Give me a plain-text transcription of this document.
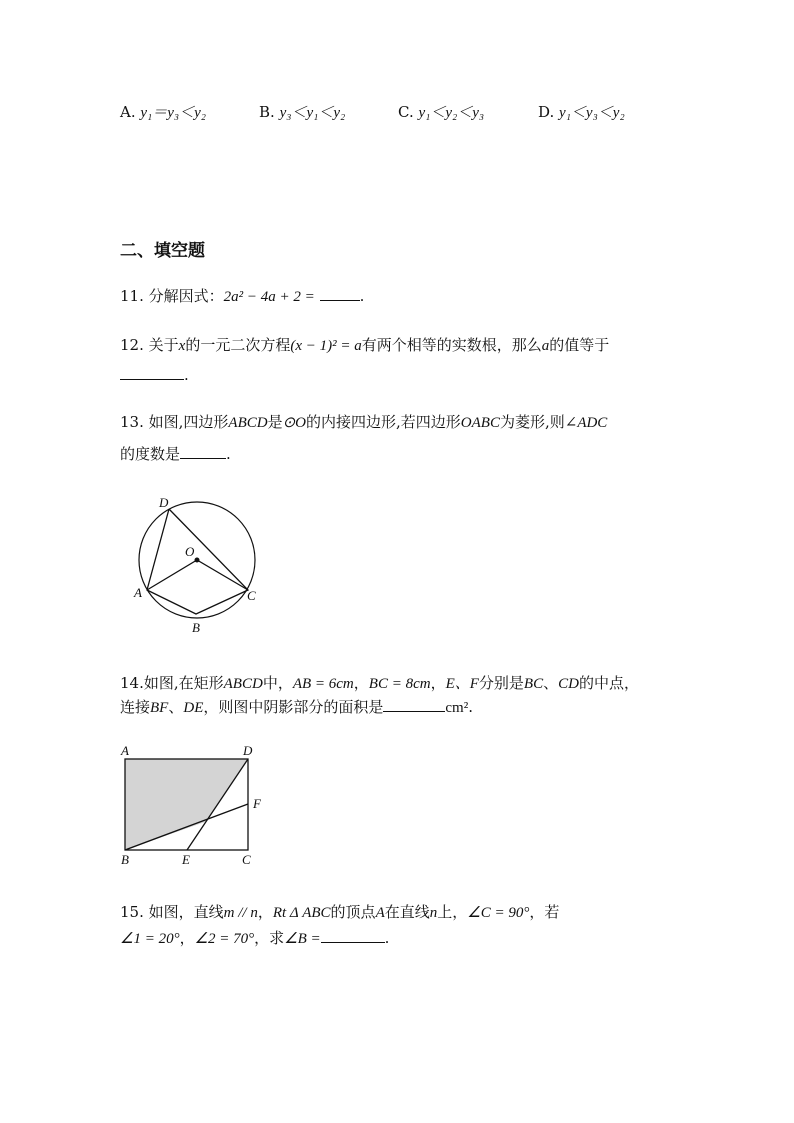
A. y₁＝y₃＜y₂	B. y₃＜y₁＜y₂	C. y₁＜y₂＜y₃	D. y₁＜y₃＜y₂
二、填空题
11. 分解因式：2a² − 4a + 2 =	.
12. 关于x的一元二次方程(x − 1)² = a有两个相等的实数根，那么a的值等于
.
13. 如图,四边形ABCD是⊙O的内接四边形,若四边形OABC为菱形,则∠ADC
的度数是	.
D
O
A	C
B
14.如图,在矩形ABCD中，AB = 6cm，BC = 8cm，E、F分别是BC、CD的中点，
连接BF、DE，则图中阴影部分的面积是	cm².
A	D
F
B	E	C
15. 如图，直线m // n，Rt Δ ABC的顶点A在直线n上，∠C = 90°，若
∠1 = 20°，∠2 = 70°，求∠B =	.
